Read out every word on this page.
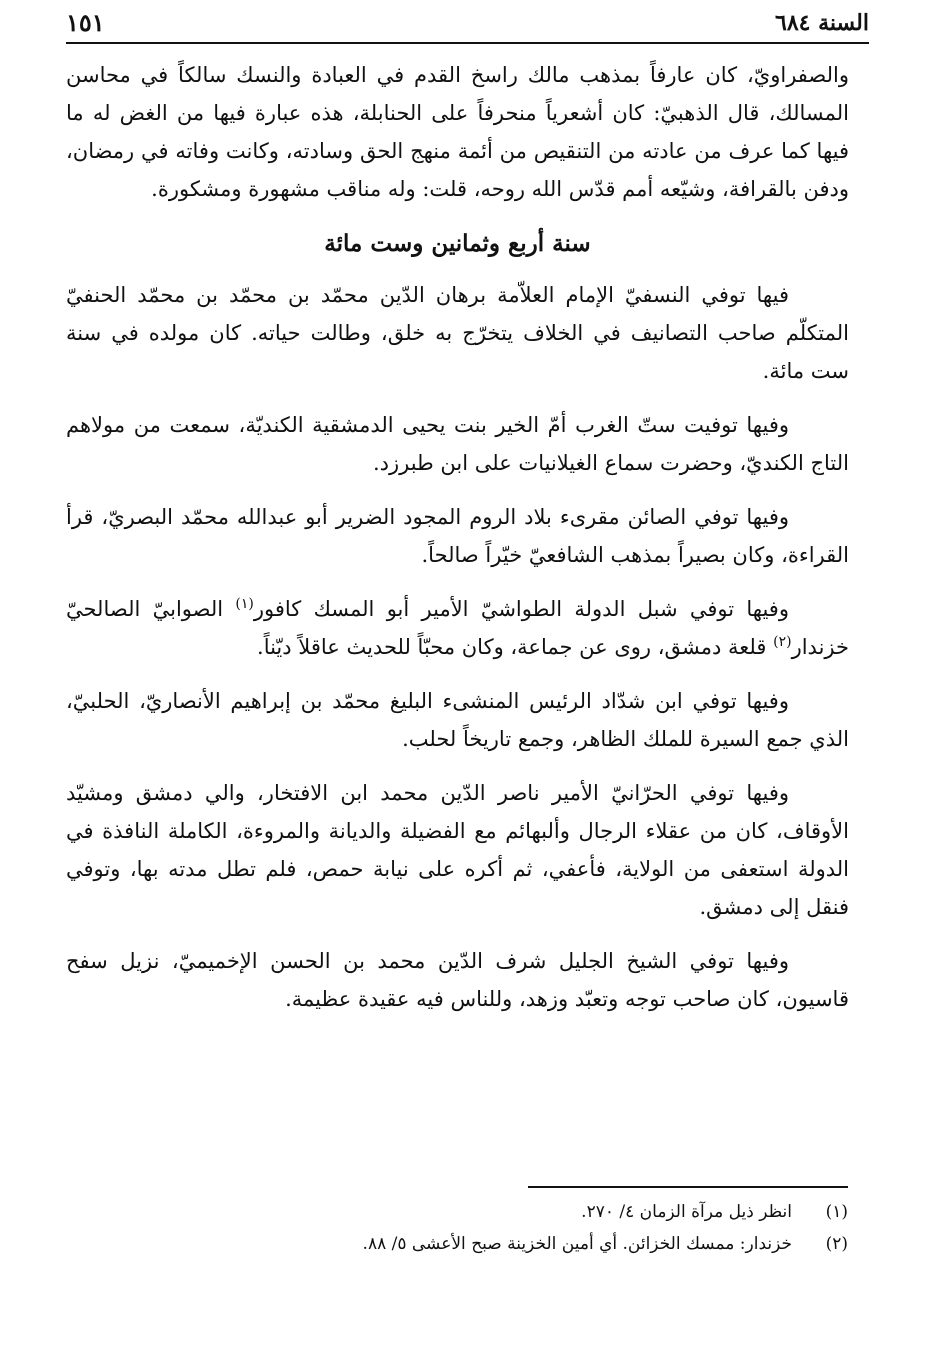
السنة ٦٨٤
١٥١

والصفراويّ، كان عارفاً بمذهب مالك راسخ القدم في العبادة والنسك سالكاً في محاسن المسالك، قال الذهبيّ: كان أشعرياً منحرفاً على الحنابلة، هذه عبارة فيها من الغض له ما فيها كما عرف من عادته من التنقيص من أئمة منهج الحق وسادته، وكانت وفاته في رمضان، ودفن بالقرافة، وشيّعه أمم قدّس الله روحه، قلت: وله مناقب مشهورة ومشكورة.

سنة أربع وثمانين وست مائة

فيها توفي النسفيّ الإمام العلاّمة برهان الدّين محمّد بن محمّد بن محمّد الحنفيّ المتكلّم صاحب التصانيف في الخلاف يتخرّج به خلق، وطالت حياته. كان مولده في سنة ست مائة.

وفيها توفيت ستّ الغرب أمّ الخير بنت يحيى الدمشقية الكنديّة، سمعت من مولاهم التاج الكنديّ، وحضرت سماع الغيلانيات على ابن طبرزد.

وفيها توفي الصائن مقرىء بلاد الروم المجود الضرير أبو عبدالله محمّد البصريّ، قرأ القراءة، وكان بصيراً بمذهب الشافعيّ خيّراً صالحاً.

وفيها توفي شبل الدولة الطواشيّ الأمير أبو المسك كافور$^{(١)}$ الصوابيّ الصالحيّ خزندار$^{(٢)}$ قلعة دمشق، روى عن جماعة، وكان محبّاً للحديث عاقلاً ديّناً.

وفيها توفي ابن شدّاد الرئيس المنشىء البليغ محمّد بن إبراهيم الأنصاريّ، الحلبيّ، الذي جمع السيرة للملك الظاهر، وجمع تاريخاً لحلب.

وفيها توفي الحرّانيّ الأمير ناصر الدّين محمد ابن الافتخار، والي دمشق ومشيّد الأوقاف، كان من عقلاء الرجال وألبهائم مع الفضيلة والديانة والمروءة، الكاملة النافذة في الدولة استعفى من الولاية، فأعفي، ثم أكره على نيابة حمص، فلم تطل مدته بها، وتوفي فنقل إلى دمشق.

وفيها توفي الشيخ الجليل شرف الدّين محمد بن الحسن الإخميميّ، نزيل سفح قاسيون، كان صاحب توجه وتعبّد وزهد، وللناس فيه عقيدة عظيمة.

(١)انظر ذيل مرآة الزمان ٤/ ٢٧٠.
(٢)خزندار: ممسك الخزائن. أي أمين الخزينة صبح الأعشى ٥/ ٨٨.
